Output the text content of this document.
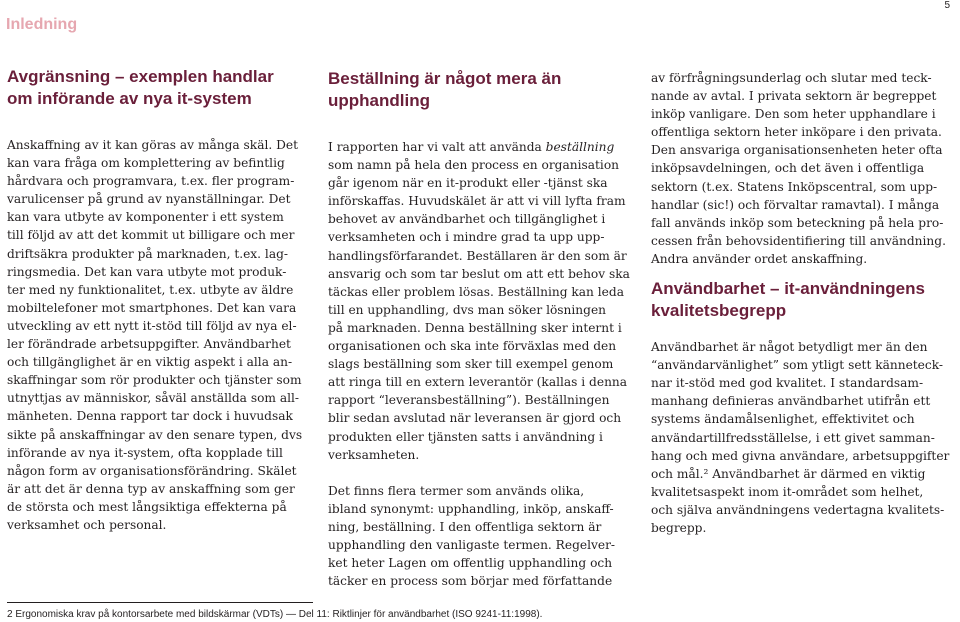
Inledning
5
Avgränsning – exemplen handlar
om införande av nya it-system
Anskaffning av it kan göras av många skäl. Det
kan vara fråga om komplettering av befintlig
hårdvara och programvara, t.ex. fler program-
varulicenser på grund av nyanställningar. Det
kan vara utbyte av komponenter i ett system
till följd av att det kommit ut billigare och mer
driftsäkra produkter på marknaden, t.ex. lag-
ringsmedia. Det kan vara utbyte mot produk-
ter med ny funktionalitet, t.ex. utbyte av äldre
mobiltelefoner mot smartphones. Det kan vara
utveckling av ett nytt it-stöd till följd av nya el-
ler förändrade arbetsuppgifter. Användbarhet
och tillgänglighet är en viktig aspekt i alla an-
skaffningar som rör produkter och tjänster som
utnyttjas av människor, såväl anställda som all-
mänheten. Denna rapport tar dock i huvudsak
sikte på anskaffningar av den senare typen, dvs
införande av nya it-system, ofta kopplade till
någon form av organisationsförändring. Skälet
är att det är denna typ av anskaffning som ger
de största och mest långsiktiga effekterna på
verksamhet och personal.
Beställning är något mera än
upphandling
I rapporten har vi valt att använda beställning
som namn på hela den process en organisation
går igenom när en it-produkt eller -tjänst ska
införskaffas. Huvudskälet är att vi vill lyfta fram
behovet av användbarhet och tillgänglighet i
verksamheten och i mindre grad ta upp upp-
handlingsförfarandet. Beställaren är den som är
ansvarig och som tar beslut om att ett behov ska
täckas eller problem lösas. Beställning kan leda
till en upphandling, dvs man söker lösningen
på marknaden. Denna beställning sker internt i
organisationen och ska inte förväxlas med den
slags beställning som sker till exempel genom
att ringa till en extern leverantör (kallas i denna
rapport “leveransbeställning”). Beställningen
blir sedan avslutad när leveransen är gjord och
produkten eller tjänsten satts i användning i
verksamheten.
Det finns flera termer som används olika,
ibland synonymt: upphandling, inköp, anskaff-
ning, beställning. I den offentliga sektorn är
upphandling den vanligaste termen. Regelver-
ket heter Lagen om offentlig upphandling och
täcker en process som börjar med författande
av förfrågningsunderlag och slutar med teck-
nande av avtal. I privata sektorn är begreppet
inköp vanligare. Den som heter upphandlare i
offentliga sektorn heter inköpare i den privata.
Den ansvariga organisationsenheten heter ofta
inköpsavdelningen, och det även i offentliga
sektorn (t.ex. Statens Inköpscentral, som upp-
handlar (sic!) och förvaltar ramavtal). I många
fall används inköp som beteckning på hela pro-
cessen från behovsidentifiering till användning.
Andra använder ordet anskaffning.
Användbarhet – it-användningens
kvalitetsbegrepp
Användbarhet är något betydligt mer än den
“användarvänlighet” som ytligt sett känneteck-
nar it-stöd med god kvalitet. I standardsam-
manhang definieras användbarhet utifrån ett
systems ändamålsenlighet, effektivitet och
användartillfredsställelse, i ett givet samman-
hang och med givna användare, arbetsuppgifter
och mål.² Användbarhet är därmed en viktig
kvalitetsaspekt inom it-området som helhet,
och själva användningens vedertagna kvalitets-
begrepp.
2 Ergonomiska krav på kontorsarbete med bildskärmar (VDTs) — Del 11: Riktlinjer för användbarhet (ISO 9241-11:1998).
